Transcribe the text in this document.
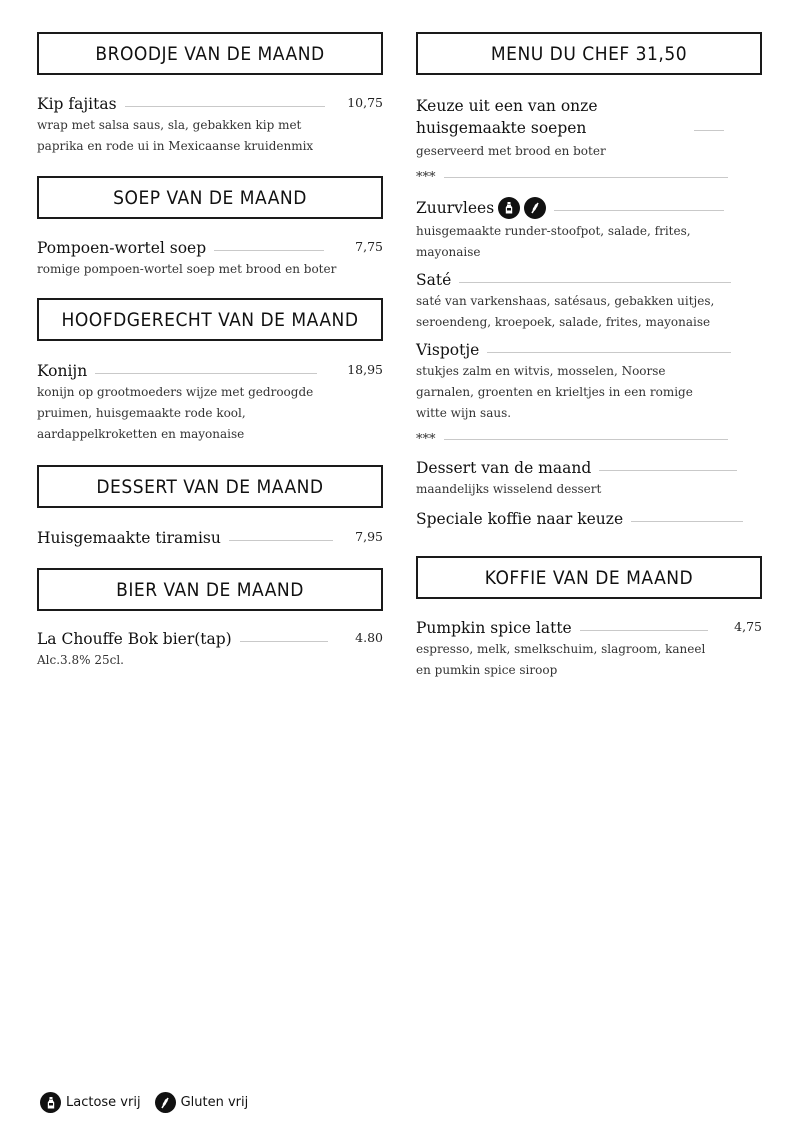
BROODJE VAN DE MAAND
Kip fajitas	10,75
wrap met salsa saus, sla, gebakken kip met paprika en rode ui in Mexicaanse kruidenmix
SOEP VAN DE MAAND
Pompoen-wortel soep	7,75
romige pompoen-wortel soep met brood en boter
HOOFDGERECHT VAN DE MAAND
Konijn	18,95
konijn op grootmoeders wijze met gedroogde pruimen, huisgemaakte rode kool, aardappelkroketten en mayonaise
DESSERT VAN DE MAAND
Huisgemaakte tiramisu	7,95
BIER VAN DE MAAND
La Chouffe Bok bier(tap)	4.80
Alc.3.8% 25cl.
MENU DU CHEF 31,50
Keuze uit een van onze
huisgemaakte soepen
geserveerd met brood en boter
***
Zuurvlees
huisgemaakte runder-stoofpot, salade, frites, mayonaise
Saté
saté van varkenshaas, satésaus, gebakken uitjes, seroendeng, kroepoek, salade, frites, mayonaise
Vispotje
stukjes zalm en witvis, mosselen, Noorse garnalen, groenten en krieltjes in een romige witte wijn saus.
***
Dessert van de maand
maandelijks wisselend dessert
Speciale koffie naar keuze
KOFFIE VAN DE MAAND
Pumpkin spice latte	4,75
espresso, melk, smelkschuim, slagroom, kaneel en pumkin spice siroop
Lactose vrij	Gluten vrij
